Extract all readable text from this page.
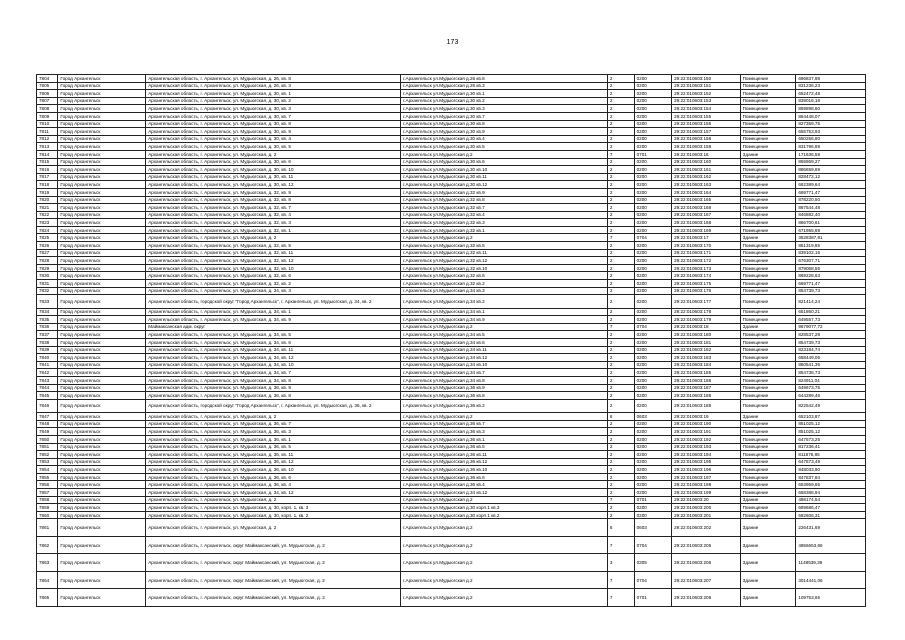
173
7804	Город Архангельск	Архангельская область, г. Архангельск, ул. Мудьюгская, д. 26, кв. 8	г.Архангельск ул.Мудьюгская д.26 кв.8	2	0200	29:22:010603:150	Помещение	696837,98
7805	Город Архангельск	Архангельская область, г. Архангельск, ул. Мудьюгская, д. 26, кв. 3	г.Архангельск ул.Мудьюгская д.26 кв.3	2	0200	29:22:010603:151	Помещение	831236,23
7806	Город Архангельск	Архангельская область, г. Архангельск, ул. Мудьюгская, д. 30, кв. 1	г.Архангельск ул.Мудьюгская д.30 кв.1	2	0200	29:22:010603:152	Помещение	652472,48
7807	Город Архангельск	Архангельская область, г. Архангельск, ул. Мудьюгская, д. 30, кв. 2	г.Архангельск ул.Мудьюгская д.30 кв.2	2	0200	29:22:010603:153	Помещение	839016,18
7808	Город Архангельск	Архангельская область, г. Архангельск, ул. Мудьюгская, д. 30, кв. 3	г.Архангельск ул.Мудьюгская д.30 кв.3	2	0200	29:22:010603:154	Помещение	859898,60
7809	Город Архангельск	Архангельская область, г. Архангельск, ул. Мудьюгская, д. 30, кв. 7	г.Архангельск ул.Мудьюгская д.30 кв.7	2	0200	29:22:010603:155	Помещение	864448,07
7810	Город Архангельск	Архангельская область, г. Архангельск, ул. Мудьюгская, д. 30, кв. 8	г.Архангельск ул.Мудьюгская д.30 кв.8	2	0200	29:22:010603:156	Помещение	827359,75
7811	Город Архангельск	Архангельская область, г. Архангельск, ул. Мудьюгская, д. 30, кв. 9	г.Архангельск ул.Мудьюгская д.30 кв.9	2	0200	29:22:010603:157	Помещение	655753,93
7812	Город Архангельск	Архангельская область, г. Архангельск, ул. Мудьюгская, д. 30, кв. 4	г.Архангельск ул.Мудьюгская д.30 кв.4	2	0200	29:22:010603:158	Помещение	650256,80
7813	Город Архангельск	Архангельская область, г. Архангельск, ул. Мудьюгская, д. 30, кв. 5	г.Архангельск ул.Мудьюгская д.30 кв.5	2	0200	29:22:010603:159	Помещение	831796,89
7814	Город Архангельск	Архангельская область, г. Архангельск, ул. Мудьюгская, д. 2	г.Архангельск ул.Мудьюгская д.2	7	0701	29:22:010603:16	Здание	171636,59
7815	Город Архангельск	Архангельская область, г. Архангельск, ул. Мудьюгская, д. 30, кв. 6	г.Архангельск ул.Мудьюгская д.30 кв.6	2	0200	29:22:010603:160	Помещение	856869,27
7816	Город Архангельск	Архангельская область, г. Архангельск, ул. Мудьюгская, д. 30, кв. 10	г.Архангельск ул.Мудьюгская д.30 кв.10	2	0200	29:22:010603:161	Помещение	886659,69
7817	Город Архангельск	Архангельская область, г. Архангельск, ул. Мудьюгская, д. 30, кв. 11	г.Архангельск ул.Мудьюгская д.30 кв.11	2	0200	29:22:010603:162	Помещение	828472,12
7818	Город Архангельск	Архангельская область, г. Архангельск, ул. Мудьюгская, д. 30, кв. 12	г.Архангельск ул.Мудьюгская д.30 кв.12	2	0200	29:22:010603:163	Помещение	662389,64
7819	Город Архангельск	Архангельская область, г. Архангельск, ул. Мудьюгская, д. 32, кв. 9	г.Архангельск ул.Мудьюгская д.32 кв.9	2	0200	29:22:010603:164	Помещение	669771,47
7820	Город Архангельск	Архангельская область, г. Архангельск, ул. Мудьюгская, д. 32, кв. 8	г.Архангельск ул.Мудьюгская д.32 кв.8	2	0200	29:22:010603:165	Помещение	878220,50
7821	Город Архангельск	Архангельская область, г. Архангельск, ул. Мудьюгская, д. 32, кв. 7	г.Архангельск ул.Мудьюгская д.32 кв.7	2	0200	29:22:010603:166	Помещение	867544,48
7822	Город Архангельск	Архангельская область, г. Архангельск, ул. Мудьюгская, д. 32, кв. 4	г.Архангельск ул.Мудьюгская д.32 кв.4	2	0200	29:22:010603:167	Помещение	846882,40
7823	Город Архангельск	Архангельская область, г. Архангельск, ул. Мудьюгская, д. 32, кв. 3	г.Архангельск ул.Мудьюгская д.32 кв.3	2	0200	29:22:010603:168	Помещение	866700,61
7824	Город Архангельск	Архангельская область, г. Архангельск, ул. Мудьюгская, д. 32, кв. 1	г.Архангельск ул.Мудьюгская д.32 кв.1	2	0200	29:22:010603:169	Помещение	671955,69
7825	Город Архангельск	Архангельская область, г. Архангельск, ул. Мудьюгская, д. 2	г.Архангельск ул.Мудьюгская д.2	7	0704	29:22:010603:17	Здание	3528387,91
7826	Город Архангельск	Архангельская область, г. Архангельск, ул. Мудьюгская, д. 32, кв. 5	г.Архангельск ул.Мудьюгская д.32 кв.5	2	0200	29:22:010603:170	Помещение	851319,85
7827	Город Архангельск	Архангельская область, г. Архангельск, ул. Мудьюгская, д. 32, кв. 11	г.Архангельск ул.Мудьюгская д.32 кв.11	2	0200	29:22:010603:171	Помещение	839102,15
7828	Город Архангельск	Архангельская область, г. Архангельск, ул. Мудьюгская, д. 32, кв. 12	г.Архангельск ул.Мудьюгская д.32 кв.12	2	0200	29:22:010603:172	Помещение	676307,71
7829	Город Архангельск	Архангельская область, г. Архангельск, ул. Мудьюгская, д. 32, кв. 10	г.Архангельск ул.Мудьюгская д.32 кв.10	2	0200	29:22:010603:173	Помещение	879068,55
7830	Город Архангельск	Архангельская область, г. Архангельск, ул. Мудьюгская, д. 32, кв. 6	г.Архангельск ул.Мудьюгская д.32 кв.6	2	0200	29:22:010603:174	Помещение	869228,63
7831	Город Архангельск	Архангельская область, г. Архангельск, ул. Мудьюгская, д. 32, кв. 2	г.Архангельск ул.Мудьюгская д.32 кв.2	2	0200	29:22:010603:175	Помещение	669771,47
7832	Город Архангельск	Архангельская область, г. Архангельск, ул. Мудьюгская, д. 34, кв. 3	г.Архангельск ул.Мудьюгская д.34 кв.3	2	0200	29:22:010603:176	Помещение	854739,73
7833	Город Архангельск	Архангельская область, городской округ "Город Архангельск", г. Архангельск, ул. Мудьюгская, д. 34, кв. 2	г.Архангельск ул.Мудьюгская д.34 кв.2	2	0200	29:22:010603:177	Помещение	821414,24
7834	Город Архангельск	Архангельская область, г. Архангельск, ул. Мудьюгская, д. 34, кв. 1	г.Архангельск ул.Мудьюгская д.34 кв.1	2	0200	29:22:010603:178	Помещение	651860,21
7835	Город Архангельск	Архангельская область, г. Архангельск, ул. Мудьюгская, д. 34, кв. 9	г.Архангельск ул.Мудьюгская д.34 кв.9	2	0200	29:22:010603:179	Помещение	649557,73
7836	Город Архангельск	Маймаксанская адм. округ	г.Архангельск ул.Мудьюгская д.2	7	0704	29:22:010603:18	Здание	9679077,72
7837	Город Архангельск	Архангельская область, г. Архангельск, ул. Мудьюгская, д. 34, кв. 5	г.Архангельск ул.Мудьюгская д.34 кв.5	2	0200	29:22:010603:180	Помещение	828537,28
7838	Город Архангельск	Архангельская область, г. Архангельск, ул. Мудьюгская, д. 34, кв. 6	г.Архангельск ул.Мудьюгская д.34 кв.6	2	0200	29:22:010603:181	Помещение	854739,73
7839	Город Архангельск	Архангельская область, г. Архангельск, ул. Мудьюгская, д. 34, кв. 11	г.Архангельск ул.Мудьюгская д.34 кв.11	2	0200	29:22:010603:182	Помещение	823184,74
7840	Город Архангельск	Архангельская область, г. Архангельск, ул. Мудьюгская, д. 34, кв. 12	г.Архангельск ул.Мудьюгская д.34 кв.12	2	0200	29:22:010603:183	Помещение	658449,05
7841	Город Архангельск	Архангельская область, г. Архангельск, ул. Мудьюгская, д. 34, кв. 10	г.Архангельск ул.Мудьюгская д.34 кв.10	2	0200	29:22:010603:184	Помещение	860541,35
7842	Город Архангельск	Архангельская область, г. Архангельск, ул. Мудьюгская, д. 34, кв. 7	г.Архангельск ул.Мудьюгская д.34 кв.7	2	0200	29:22:010603:185	Помещение	854738,73
7843	Город Архангельск	Архангельская область, г. Архангельск, ул. Мудьюгская, д. 34, кв. 8	г.Архангельск ул.Мудьюгская д.34 кв.8	2	0200	29:22:010603:186	Помещение	824911,04
7844	Город Архангельск	Архангельская область, г. Архангельск, ул. Мудьюгская, д. 36, кв. 9	г.Архангельск ул.Мудьюгская д.36 кв.9	2	0200	29:22:010603:187	Помещение	649673,75
7845	Город Архангельск	Архангельская область, г. Архангельск, ул. Мудьюгская, д. 36, кв. 8	г.Архангельск ул.Мудьюгская д.36 кв.8	2	0200	29:22:010603:188	Помещение	644289,46
7846	Город Архангельск	Архангельская область, городской округ "Город Архангельск", г. Архангельск, ул. Мудьюгская, д. 36, кв. 2	г.Архангельск ул.Мудьюгская д.36 кв.2	2	0200	29:22:010603:189	Помещение	822542,49
7847	Город Архангельск	Архангельская область, г. Архангельск, ул. Мудьюгская, д. 2	г.Архангельск ул.Мудьюгская д.2	6	0603	29:22:010603:19	Здание	652103,87
7848	Город Архангельск	Архангельская область, г. Архангельск, ул. Мудьюгская, д. 36, кв. 7	г.Архангельск ул.Мудьюгская д.36 кв.7	2	0200	29:22:010603:190	Помещение	851025,12
7849	Город Архангельск	Архангельская область, г. Архангельск, ул. Мудьюгская, д. 36, кв. 3	г.Архангельск ул.Мудьюгская д.36 кв.3	2	0200	29:22:010603:191	Помещение	851025,12
7850	Город Архангельск	Архангельская область, г. Архангельск, ул. Мудьюгская, д. 36, кв. 1	г.Архангельск ул.Мудьюгская д.36 кв.1	2	0200	29:22:010603:192	Помещение	647573,25
7851	Город Архангельск	Архангельская область, г. Архангельск, ул. Мудьюгская, д. 36, кв. 5	г.Архангельск ул.Мудьюгская д.36 кв.5	2	0200	29:22:010603:193	Помещение	817236,41
7852	Город Архангельск	Архангельская область, г. Архангельск, ул. Мудьюгская, д. 36, кв. 11	г.Архангельск ул.Мудьюгская д.36 кв.11	2	0200	29:22:010603:194	Помещение	811876,85
7853	Город Архангельск	Архангельская область, г. Архангельск, ул. Мудьюгская, д. 36, кв. 12	г.Архангельск ул.Мудьюгская д.36 кв.12	2	0200	29:22:010603:195	Помещение	647573,49
7854	Город Архангельск	Архангельская область, г. Архангельск, ул. Мудьюгская, д. 36, кв. 10	г.Архангельск ул.Мудьюгская д.36 кв.10	2	0200	29:22:010603:196	Помещение	848033,90
7855	Город Архангельск	Архангельская область, г. Архангельск, ул. Мудьюгская, д. 36, кв. 6	г.Архангельск ул.Мудьюгская д.36 кв.6	2	0200	29:22:010603:197	Помещение	847837,84
7856	Город Архангельск	Архангельская область, г. Архангельск, ул. Мудьюгская, д. 36, кв. 4	г.Архангельск ул.Мудьюгская д.36 кв.4	2	0200	29:22:010603:198	Помещение	653959,65
7857	Город Архангельск	Архангельская область, г. Архангельск, ул. Мудьюгская, д. 34, кв. 12	г.Архангельск ул.Мудьюгская д.34 кв.12	2	0200	29:22:010603:199	Помещение	658388,94
7858	Город Архангельск	Архангельская область, г. Архангельск, ул. Мудьюгская, д. 2	г.Архангельск ул.Мудьюгская д.2	7	0701	29:22:010603:20	Здание	498174,54
7859	Город Архангельск	Архангельская область, г. Архангельск, ул. Мудьюгская, д. 30, корп. 1, кв. 3	г.Архангельск ул.Мудьюгская д.30 корп.1 кв.3	2	0200	29:22:010603:200	Помещение	689686,47
7860	Город Архангельск	Архангельская область, г. Архангельск, ул. Мудьюгская, д. 30, корп. 1, кв. 2	г.Архангельск ул.Мудьюгская д.30 корп.1 кв.2	2	0200	29:22:010603:201	Помещение	582606,31
7861	Город Архангельск	Архангельская область, г. Архангельск, ул. Мудьюгская, д. 2	г.Архангельск ул.Мудьюгская д.2	6	0603	29:22:010603:202	Здание	226431,69
7862	Город Архангельск	Архангельская область, г. Архангельск, округ Маймаксанский, ул. Мудьюгская, д. 2	г.Архангельск ул.Мудьюгская д.2	7	0704	29:22:010603:205	Здание	4956653,66
7863	Город Архангельск	Архангельская область, г. Архангельск, округ Маймаксанский, ул. Мудьюгская, д. 2	г.Архангельск ул.Мудьюгская д.2	3	0305	29:22:010603:206	Здание	1148539,39
7864	Город Архангельск	Архангельская область, г. Архангельск, округ Маймаксанский, ул. Мудьюгская, д. 2	г.Архангельск ул.Мудьюгская д.2	7	0704	29:22:010603:207	Здание	3014441,06
7865	Город Архангельск	Архангельская область, г. Архангельск, округ Маймаксанский, ул. Мудьюгская, д. 2	г.Архангельск ул.Мудьюгская д.2	7	0701	29:22:010603:208	Здание	109753,65
